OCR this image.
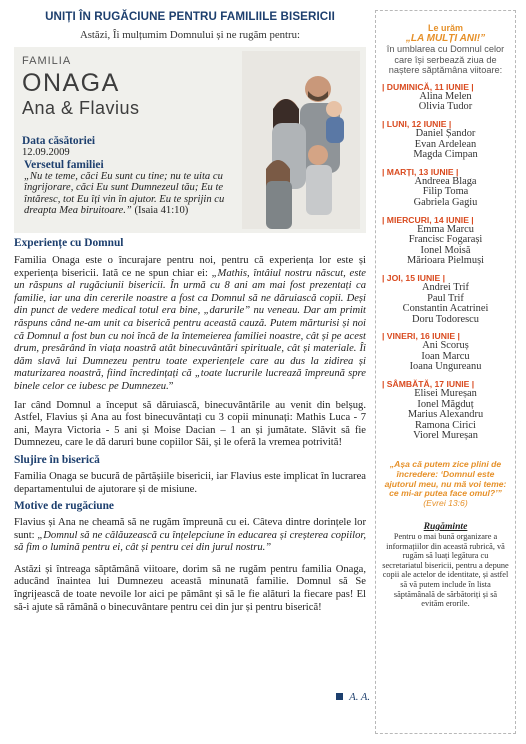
UNIȚI ÎN RUGĂCIUNE PENTRU FAMILIILE BISERICII
Astăzi, Îi mulțumim Domnului și ne rugăm pentru:
FAMILIA
ONAGA
Ana & Flavius
Data căsătoriei
12.09.2009
Versetul familiei
„Nu te teme, căci Eu sunt cu tine; nu te uita cu îngrijorare, căci Eu sunt Dumnezeul tău; Eu te întăresc, tot Eu îți vin în ajutor. Eu te sprijin cu dreapta Mea biruitoare.” (Isaia 41:10)
Experiențe cu Domnul
Familia Onaga este o încurajare pentru noi, pentru că experiența lor este și experiența bisericii. Iată ce ne spun chiar ei: „Mathis, întâiul nostru născut, este un răspuns al rugăciunii bisericii. În urmă cu 8 ani am mai fost prezentați ca familie, iar una din cererile noastre a fost ca Domnul să ne dăruiască copii. Deși din punct de vedere medical totul era bine, „darurile” nu veneau. Dar am primit răspuns când ne-am unit ca biserică pentru această cauză. Putem mărturisi și noi că Domnul a fost bun cu noi încă de la întemeierea familiei noastre, cât și pe acest drum, presărând în viața noastră atât binecuvântări spirituale, cât și materiale. Îi dăm slavă lui Dumnezeu pentru toate experiențele care au dus la zidirea și maturizarea noastră, fiind încredințați că „toate lucrurile lucrează împreună spre binele celor ce iubesc pe Dumnezeu.”
Iar când Domnul a început să dăruiască, binecuvântările au venit din belșug. Astfel, Flavius și Ana au fost binecuvântați cu 3 copii minunați: Mathis Luca - 7 ani, Mayra Victoria - 5 ani și Moise Dacian – 1 an și jumătate. Slăvit să fie Dumnezeu, care le dă daruri bune copiilor Săi, și le oferă la vremea potrivită!
Slujire în biserică
Familia Onaga se bucură de părtășiile bisericii, iar Flavius este implicat în lucrarea departamentului de ajutorare și de misiune.
Motive de rugăciune
Flavius și Ana ne cheamă să ne rugăm împreună cu ei. Câteva dintre dorințele lor sunt: „Domnul să ne călăuzească cu înțelepciune în educarea și creșterea copiilor, să fim o lumină pentru ei, cât și pentru cei din jurul nostru.”
Astăzi și întreaga săptămână viitoare, dorim să ne rugăm pentru familia Onaga, aducând înaintea lui Dumnezeu această minunată familie. Domnul să Se îngrijească de toate nevoile lor aici pe pământ și să le fie alături la fiecare pas! El să-i ajute să rămână o binecuvântare pentru cei din jur și pentru biserică!
A. A.
Le urăm
„LA MULȚI ANI!”
în umblarea cu Domnul celor care își serbează ziua de naștere săptămâna viitoare:
| DUMINICĂ, 11 IUNIE |
Alina Melen
Olivia Tudor
| LUNI, 12 IUNIE |
Daniel Șandor
Evan Ardelean
Magda Cimpan
| MARȚI, 13 IUNIE |
Andreea Blaga
Filip Toma
Gabriela Gagiu
| MIERCURI, 14 IUNIE |
Emma Marcu
Francisc Fogarași
Ionel Moisă
Mărioara Pielmuși
| JOI, 15 IUNIE |
Andrei Trif
Paul Trif
Constantin Acatrinei
Doru Todorescu
| VINERI, 16 IUNIE |
Ani Scoruș
Ioan Marcu
Ioana Ungureanu
| SÂMBĂTĂ, 17 IUNIE |
Elisei Mureșan
Ionel Măgduț
Marius Alexandru
Ramona Cirici
Viorel Mureșan
„Așa că putem zice plini de încredere: ‘Domnul este ajutorul meu, nu mă voi teme: ce mi-ar putea face omul?’” (Evrei 13:6)
Rugăminte
Pentru o mai bună organizare a informațiilor din această rubrică, vă rugăm să luați legătura cu secretariatul bisericii, pentru a depune copii ale actelor de identitate, și astfel să vă putem include în lista săptămânală de sărbătoriți și să evităm erorile.
